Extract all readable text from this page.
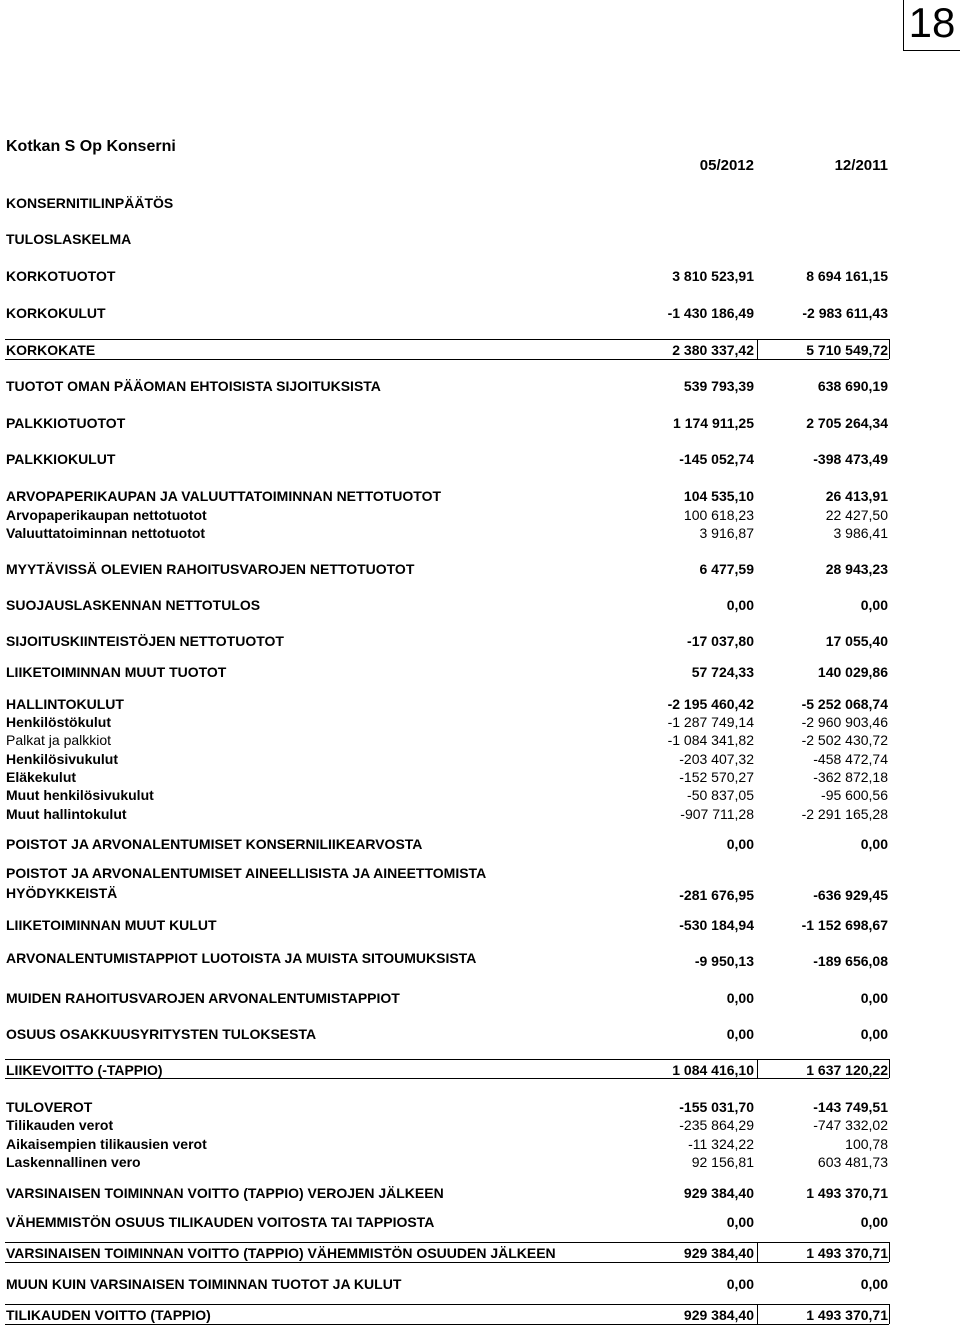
18
Kotkan S Op Konserni
05/2012	12/2011
KONSERNITILINPÄÄTÖS
TULOSLASKELMA
KORKOTUOTOT	3 810 523,91	8 694 161,15
KORKOKULUT	-1 430 186,49	-2 983 611,43
KORKOKATE	2 380 337,42	5 710 549,72
TUOTOT OMAN PÄÄOMAN EHTOISISTA SIJOITUKSISTA	539 793,39	638 690,19
PALKKIOTUOTOT	1 174 911,25	2 705 264,34
PALKKIOKULUT	-145 052,74	-398 473,49
ARVOPAPERIKAUPAN JA VALUUTTATOIMINNAN NETTOTUOTOT	104 535,10	26 413,91
Arvopaperikaupan nettotuotot	100 618,23	22 427,50
Valuuttatoiminnan nettotuotot	3 916,87	3 986,41
MYYTÄVISSÄ OLEVIEN RAHOITUSVAROJEN NETTOTUOTOT	6 477,59	28 943,23
SUOJAUSLASKENNAN NETTOTULOS	0,00	0,00
SIJOITUSKIINTEISTÖJEN NETTOTUOTOT	-17 037,80	17 055,40
LIIKETOIMINNAN MUUT TUOTOT	57 724,33	140 029,86
HALLINTOKULUT	-2 195 460,42	-5 252 068,74
Henkilöstökulut	-1 287 749,14	-2 960 903,46
Palkat ja palkkiot	-1 084 341,82	-2 502 430,72
Henkilösivukulut	-203 407,32	-458 472,74
Eläkekulut	-152 570,27	-362 872,18
Muut henkilösivukulut	-50 837,05	-95 600,56
Muut hallintokulut	-907 711,28	-2 291 165,28
POISTOT JA ARVONALENTUMISET KONSERNILIIKEARVOSTA	0,00	0,00
POISTOT JA ARVONALENTUMISET AINEELLISISTA JA AINEETTOMISTA
HYÖDYKKEISTÄ	-281 676,95	-636 929,45
LIIKETOIMINNAN MUUT KULUT	-530 184,94	-1 152 698,67
ARVONALENTUMISTAPPIOT LUOTOISTA JA MUISTA SITOUMUKSISTA	-9 950,13	-189 656,08
MUIDEN RAHOITUSVAROJEN ARVONALENTUMISTAPPIOT	0,00	0,00
OSUUS OSAKKUUSYRITYSTEN TULOKSESTA	0,00	0,00
LIIKEVOITTO (-TAPPIO)	1 084 416,10	1 637 120,22
TULOVEROT	-155 031,70	-143 749,51
Tilikauden verot	-235 864,29	-747 332,02
Aikaisempien tilikausien verot	-11 324,22	100,78
Laskennallinen vero	92 156,81	603 481,73
VARSINAISEN TOIMINNAN VOITTO (TAPPIO) VEROJEN JÄLKEEN	929 384,40	1 493 370,71
VÄHEMMISTÖN OSUUS TILIKAUDEN VOITOSTA TAI TAPPIOSTA	0,00	0,00
VARSINAISEN TOIMINNAN VOITTO (TAPPIO) VÄHEMMISTÖN OSUUDEN JÄLKEEN	929 384,40	1 493 370,71
MUUN KUIN VARSINAISEN TOIMINNAN TUOTOT JA KULUT	0,00	0,00
TILIKAUDEN VOITTO (TAPPIO)	929 384,40	1 493 370,71
